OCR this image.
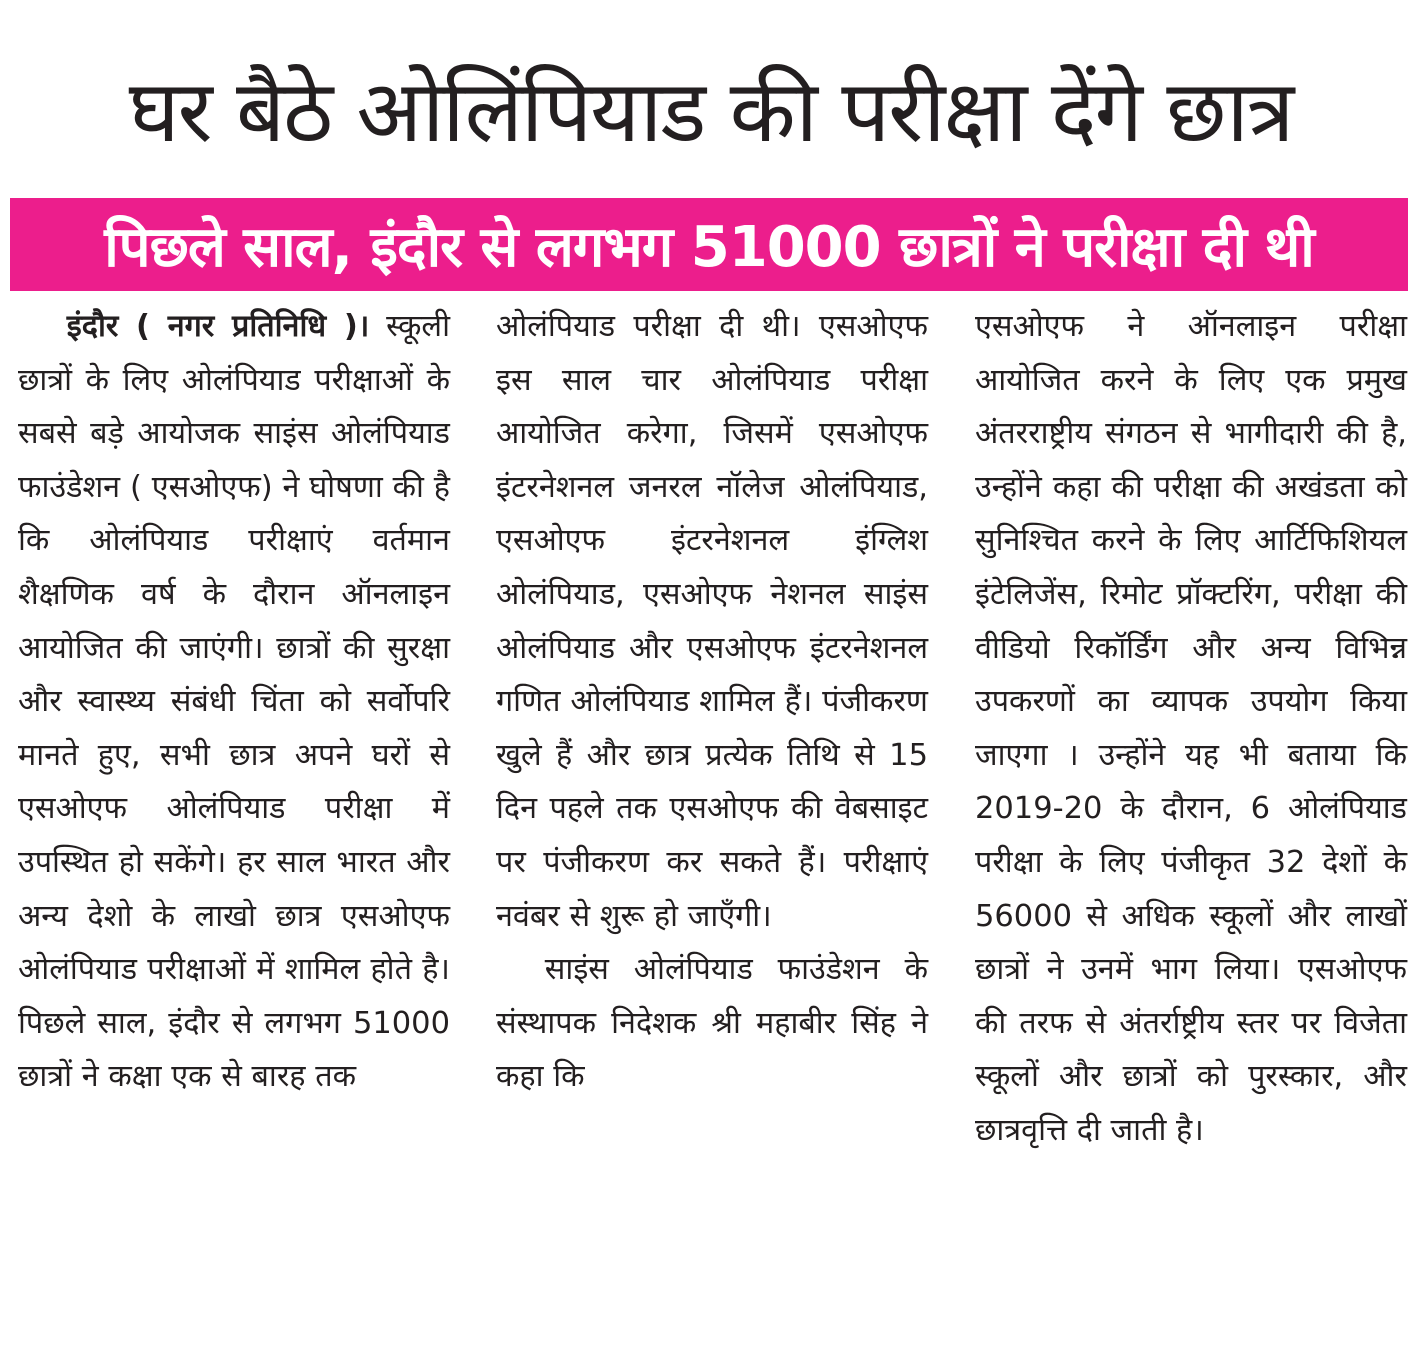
घर बैठे ओलिंपियाड की परीक्षा देंगे छात्र
पिछले साल, इंदौर से लगभग 51000 छात्रों ने परीक्षा दी थी

इंदौर ( नगर प्रतिनिधि )। स्कूली छात्रों के लिए ओलंपियाड परीक्षाओं के सबसे बड़े आयोजक साइंस ओलंपियाड फाउंडेशन ( एसओएफ) ने घोषणा की है कि ओलंपियाड परीक्षाएं वर्तमान शैक्षणिक वर्ष के दौरान ऑनलाइन आयोजित की जाएंगी। छात्रों की सुरक्षा और स्वास्थ्य संबंधी चिंता को सर्वोपरि मानते हुए, सभी छात्र अपने घरों से एसओएफ ओलंपियाड परीक्षा में उपस्थित हो सकेंगे। हर साल भारत और अन्य देशो के लाखो छात्र एसओएफ ओलंपियाड परीक्षाओं में शामिल होते है। पिछले साल, इंदौर से लगभग 51000 छात्रों ने कक्षा एक से बारह तक

ओलंपियाड परीक्षा दी थी। एसओएफ इस साल चार ओलंपियाड परीक्षा आयोजित करेगा, जिसमें एसओएफ इंटरनेशनल जनरल नॉलेज ओलंपियाड, एसओएफ इंटरनेशनल इंग्लिश ओलंपियाड, एसओएफ नेशनल साइंस ओलंपियाड और एसओएफ इंटरनेशनल गणित ओलंपियाड शामिल हैं। पंजीकरण खुले हैं और छात्र प्रत्येक तिथि से 15 दिन पहले तक एसओएफ की वेबसाइट पर पंजीकरण कर सकते हैं। परीक्षाएं नवंबर से शुरू हो जाएँगी।

साइंस ओलंपियाड फाउंडेशन के संस्थापक निदेशक श्री महाबीर सिंह ने कहा कि

एसओएफ ने ऑनलाइन परीक्षा आयोजित करने के लिए एक प्रमुख अंतरराष्ट्रीय संगठन से भागीदारी की है, उन्होंने कहा की परीक्षा की अखंडता को सुनिश्चित करने के लिए आर्टिफिशियल इंटेलिजेंस, रिमोट प्रॉक्टरिंग, परीक्षा की वीडियो रिकॉर्डिंग और अन्य विभिन्न उपकरणों का व्यापक उपयोग किया जाएगा । उन्होंने यह भी बताया कि 2019-20 के दौरान, 6 ओलंपियाड परीक्षा के लिए पंजीकृत 32 देशों के 56000 से अधिक स्कूलों और लाखों छात्रों ने उनमें भाग लिया। एसओएफ की तरफ से अंतर्राष्ट्रीय स्तर पर विजेता स्कूलों और छात्रों को पुरस्कार, और छात्रवृत्ति दी जाती है।
